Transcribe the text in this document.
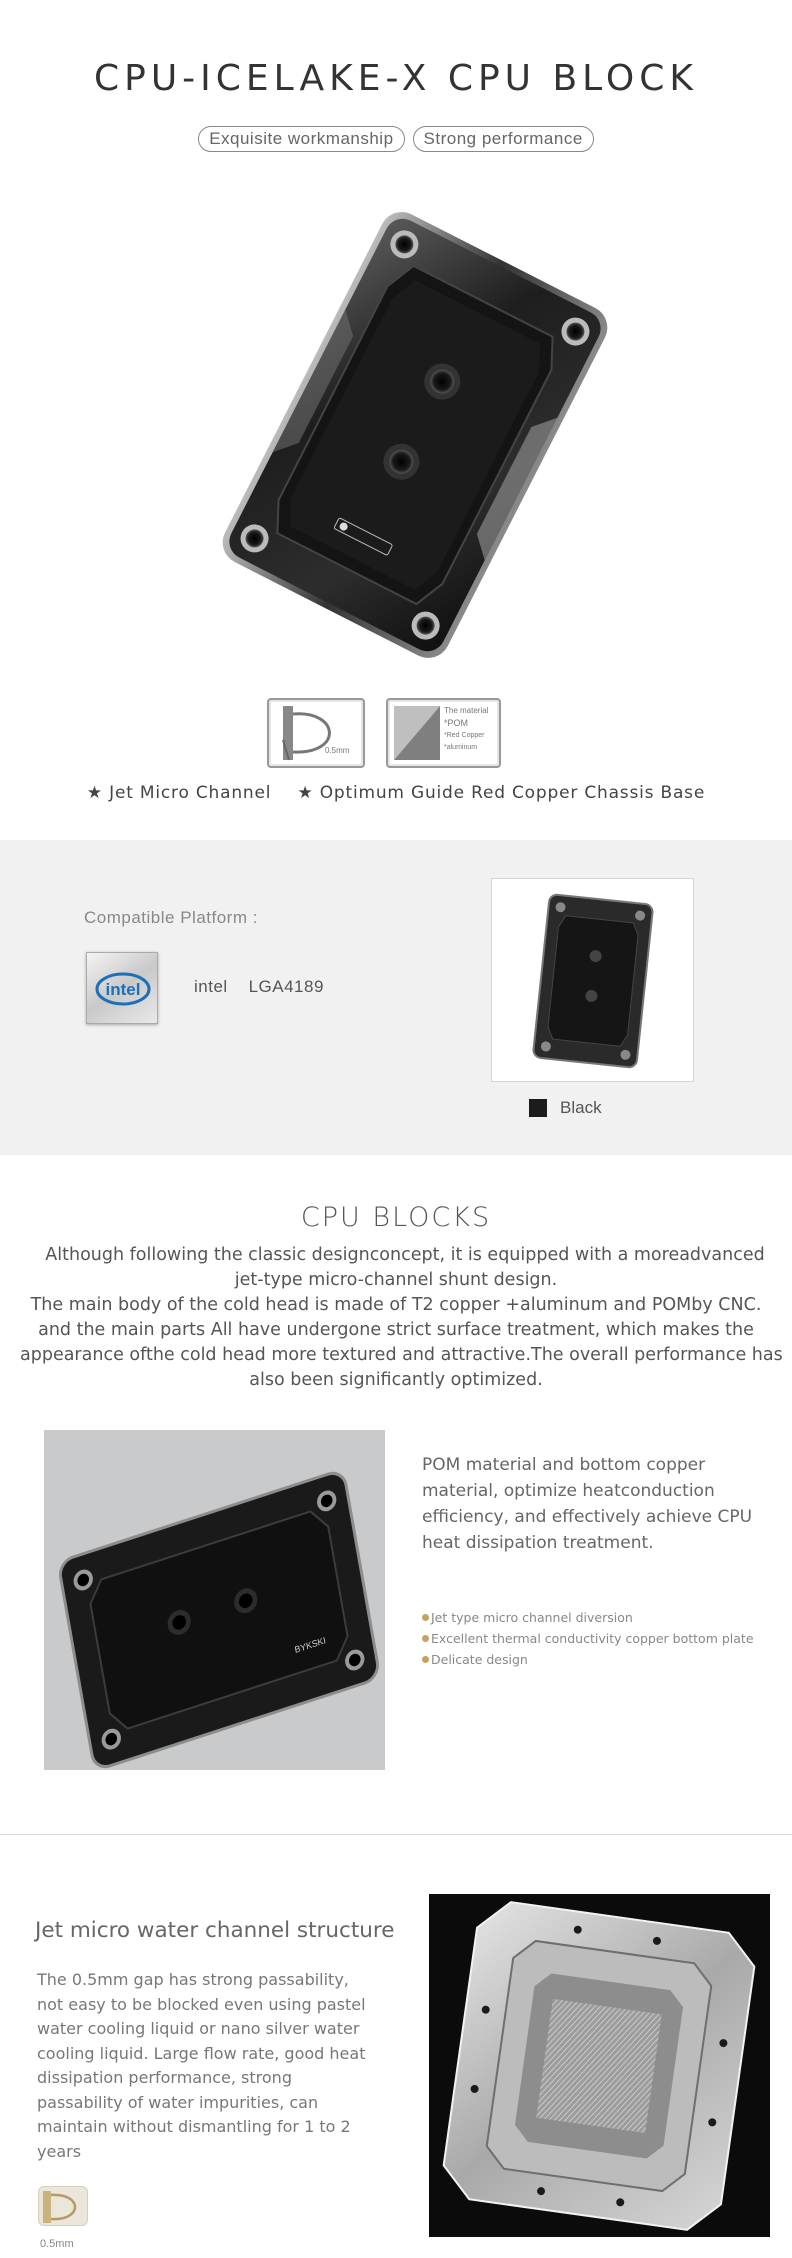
CPU-ICELAKE-X CPU BLOCK
Exquisite workmanship	Strong performance
0.5mm
The material
*POM
*Red Copper
*aluminum
★ Jet Micro Channel ★ Optimum Guide Red Copper Chassis Base
Compatible Platform :
intel	intel    LGA4189
Black
CPU BLOCKS

Although following the classic designconcept, it is equipped with a moreadvanced

jet-type micro-channel shunt design.

The main body of the cold head is made of T2 copper +aluminum and POMby CNC.

and the main parts All have undergone strict surface treatment, which makes the

appearance ofthe cold head more textured and attractive.The overall performance has

also been significantly optimized.

BYKSKI
POM material and bottom copper material, optimize heatconduction efficiency, and effectively achieve CPU heat dissipation treatment.
Jet type micro channel diversion
Excellent thermal conductivity copper bottom plate
Delicate design
Jet micro water channel structure
The 0.5mm gap has strong passability, not easy to be blocked even using pastel water cooling liquid or nano silver water cooling liquid. Large flow rate, good heat dissipation performance, strong passability of water impurities, can maintain without dismantling for 1 to 2 years
0.5mm
